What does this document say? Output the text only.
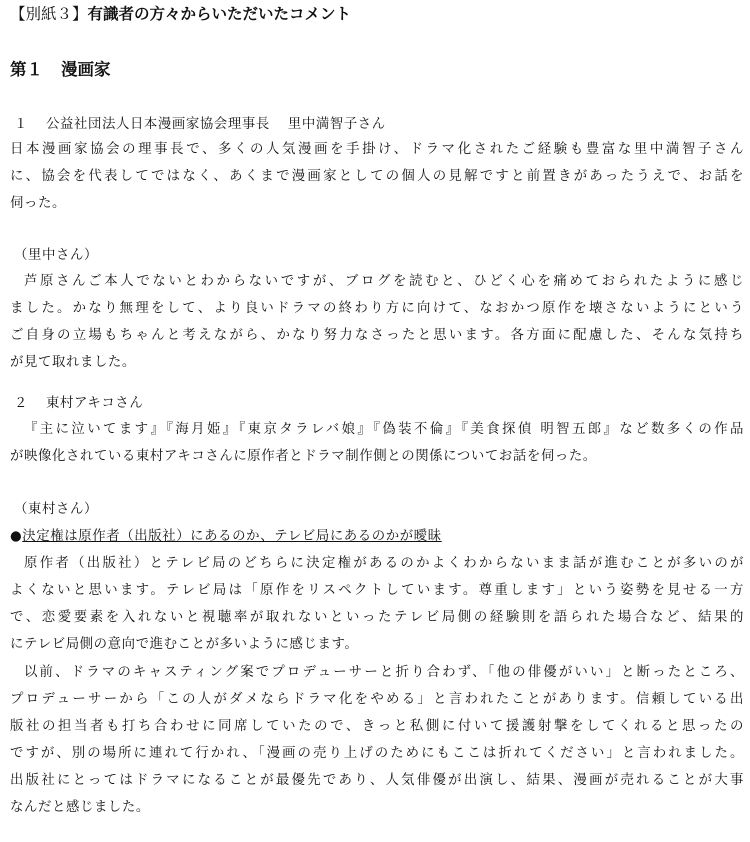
【別紙３】有識者の方々からいただいたコメント
第１ 漫画家
１ 公益社団法人日本漫画家協会理事長 里中満智子さん
日本漫画家協会の理事長で、多くの人気漫画を手掛け、ドラマ化されたご経験も豊富な里中満智子さん
に、協会を代表してではなく、あくまで漫画家としての個人の見解ですと前置きがあったうえで、お話を
伺った。
（里中さん）
芦原さんご本人でないとわからないですが、ブログを読むと、ひどく心を痛めておられたように感じ
ました。かなり無理をして、より良いドラマの終わり方に向けて、なおかつ原作を壊さないようにという
ご自身の立場もちゃんと考えながら、かなり努力なさったと思います。各方面に配慮した、そんな気持ち
が見て取れました。
２ 東村アキコさん
『主に泣いてます』『海月姫』『東京タラレバ娘』『偽装不倫』『美食探偵 明智五郎』など数多くの作品
が映像化されている東村アキコさんに原作者とドラマ制作側との関係についてお話を伺った。
（東村さん）
●決定権は原作者（出版社）にあるのか、テレビ局にあるのかが曖昧
原作者（出版社）とテレビ局のどちらに決定権があるのかよくわからないまま話が進むことが多いのが
よくないと思います。テレビ局は「原作をリスペクトしています。尊重します」という姿勢を見せる一方
で、恋愛要素を入れないと視聴率が取れないといったテレビ局側の経験則を語られた場合など、結果的
にテレビ局側の意向で進むことが多いように感じます。
以前、ドラマのキャスティング案でプロデューサーと折り合わず、「他の俳優がいい」と断ったところ、
プロデューサーから「この人がダメならドラマ化をやめる」と言われたことがあります。信頼している出
版社の担当者も打ち合わせに同席していたので、きっと私側に付いて援護射撃をしてくれると思ったの
ですが、別の場所に連れて行かれ、「漫画の売り上げのためにもここは折れてください」と言われました。
出版社にとってはドラマになることが最優先であり、人気俳優が出演し、結果、漫画が売れることが大事
なんだと感じました。
